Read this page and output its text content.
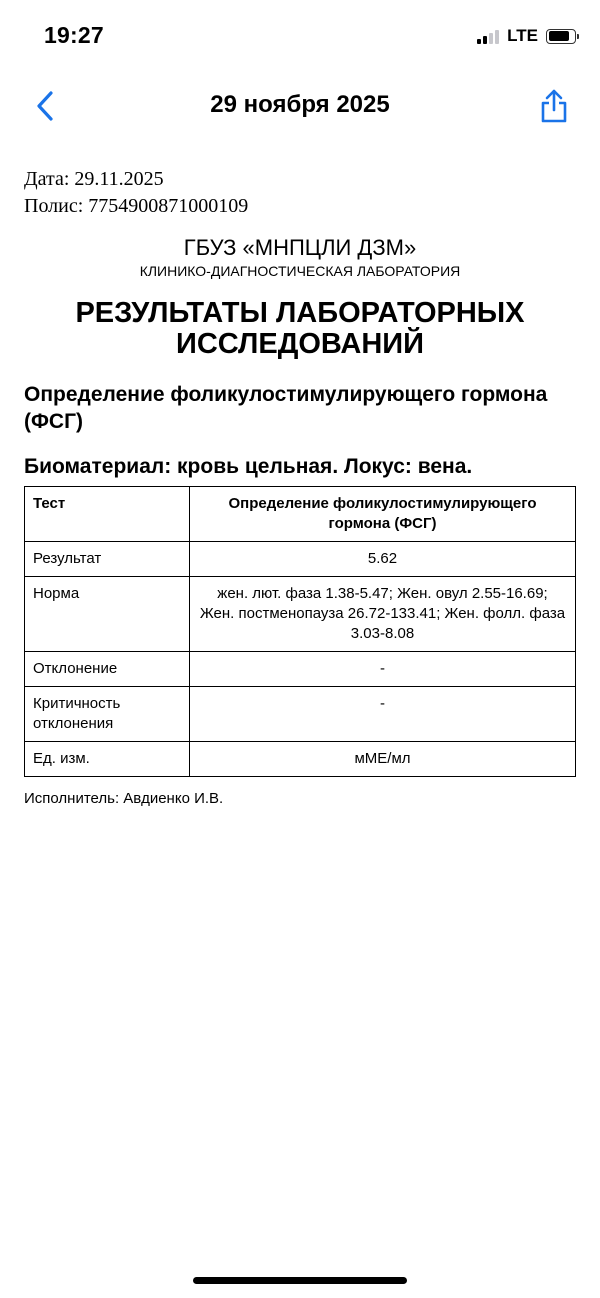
19:27	LTE
29 ноября 2025
Дата: 29.11.2025
Полис: 7754900871000109
ГБУЗ «МНПЦЛИ ДЗМ»
КЛИНИКО-ДИАГНОСТИЧЕСКАЯ ЛАБОРАТОРИЯ
РЕЗУЛЬТАТЫ ЛАБОРАТОРНЫХ ИССЛЕДОВАНИЙ
Определение фоликулостимулирующего гормона (ФСГ)
Биоматериал: кровь цельная. Локус: вена.
Тест	Определение фоликулостимулирующего гормона (ФСГ)
Результат	5.62
Норма	жен. лют. фаза 1.38-5.47; Жен. овул 2.55-16.69; Жен. постменопауза 26.72-133.41; Жен. фолл. фаза 3.03-8.08
Отклонение	-
Критичность отклонения	-
Ед. изм.	мМЕ/мл
Исполнитель: Авдиенко И.В.
